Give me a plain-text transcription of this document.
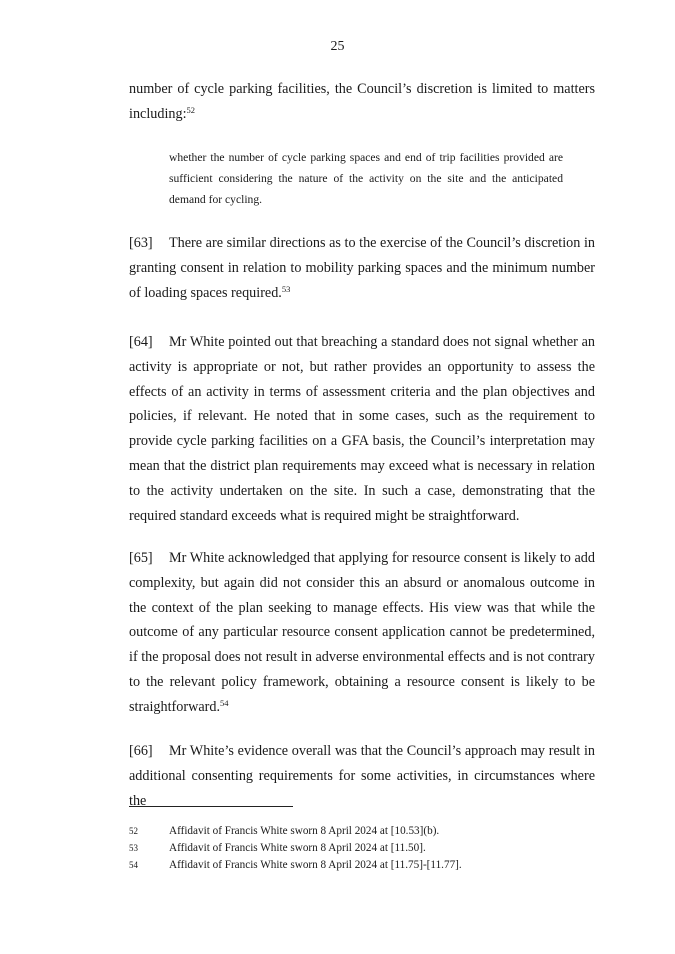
25
number of cycle parking facilities, the Council’s discretion is limited to matters including:$^{52}$
whether the number of cycle parking spaces and end of trip facilities provided are sufficient considering the nature of the activity on the site and the anticipated demand for cycling.
[63] There are similar directions as to the exercise of the Council’s discretion in granting consent in relation to mobility parking spaces and the minimum number of loading spaces required.$^{53}$
[64] Mr White pointed out that breaching a standard does not signal whether an activity is appropriate or not, but rather provides an opportunity to assess the effects of an activity in terms of assessment criteria and the plan objectives and policies, if relevant. He noted that in some cases, such as the requirement to provide cycle parking facilities on a GFA basis, the Council’s interpretation may mean that the district plan requirements may exceed what is necessary in relation to the activity undertaken on the site. In such a case, demonstrating that the required standard exceeds what is required might be straightforward.
[65] Mr White acknowledged that applying for resource consent is likely to add complexity, but again did not consider this an absurd or anomalous outcome in the context of the plan seeking to manage effects. His view was that while the outcome of any particular resource consent application cannot be predetermined, if the proposal does not result in adverse environmental effects and is not contrary to the relevant policy framework, obtaining a resource consent is likely to be straightforward.$^{54}$
[66] Mr White’s evidence overall was that the Council’s approach may result in additional consenting requirements for some activities, in circumstances where the
52	Affidavit of Francis White sworn 8 April 2024 at [10.53](b).
53	Affidavit of Francis White sworn 8 April 2024 at [11.50].
54	Affidavit of Francis White sworn 8 April 2024 at [11.75]-[11.77].
